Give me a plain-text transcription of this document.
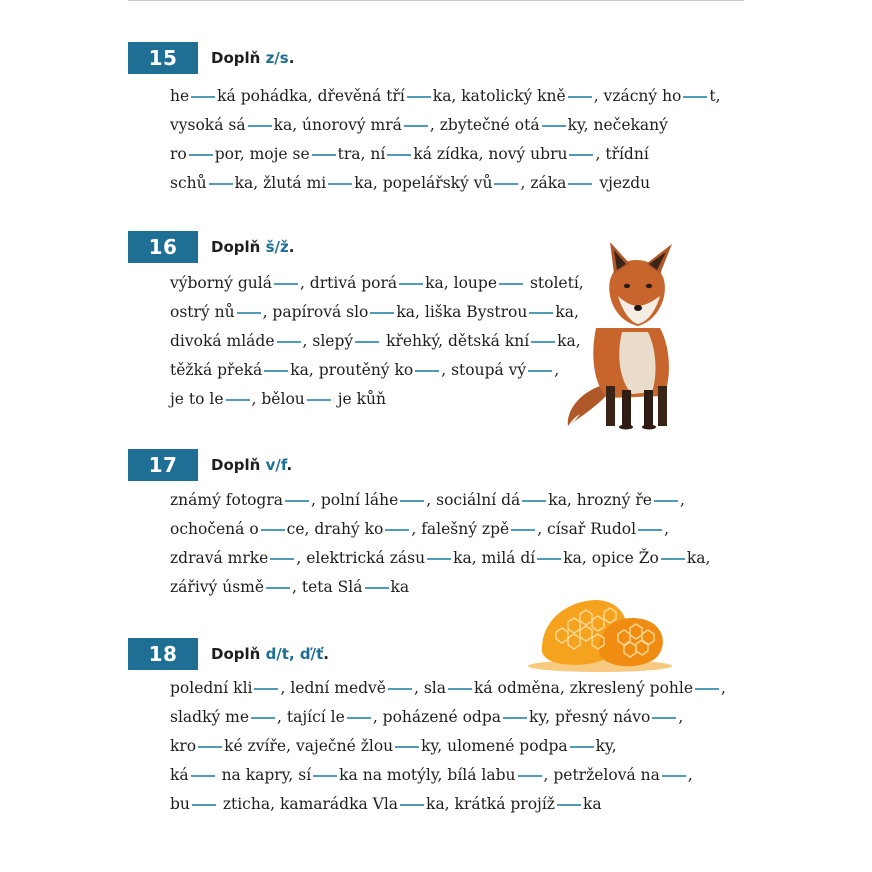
15	Doplň z/s.
he ká pohádka, dřevěná tří ka, katolický kně , vzácný ho t,
vysoká sá ka, únorový mrá , zbytečné otá ky, nečekaný
ro por, moje se tra, ní ká zídka, nový ubru , třídní
schů ka, žlutá mi ka, popelářský vů , záka vjezdu
16	Doplň š/ž.
výborný gulá , drtivá porá ka, loupe století,
ostrý nů , papírová slo ka, liška Bystrou ka,
divoká mláde , slepý křehký, dětská kní ka,
těžká překá ka, proutěný ko , stoupá vý ,
je to le , bělou je kůň
17	Doplň v/f.
známý fotogra , polní láhe , sociální dá ka, hrozný ře ,
ochočená o ce, drahý ko , falešný zpě , císař Rudol ,
zdravá mrke , elektrická zásu ka, milá dí ka, opice Žo ka,
zářivý úsmě , teta Slá ka
18	Doplň d/t, ď/ť.
polední kli , lední medvě , sla ká odměna, zkreslený pohle ,
sladký me , tající le , poházené odpa ky, přesný návo ,
kro ké zvíře, vaječné žlou ky, ulomené podpa ky,
ká na kapry, sí ka na motýly, bílá labu , petrželová na ,
bu zticha, kamarádka Vla ka, krátká projíž ka
